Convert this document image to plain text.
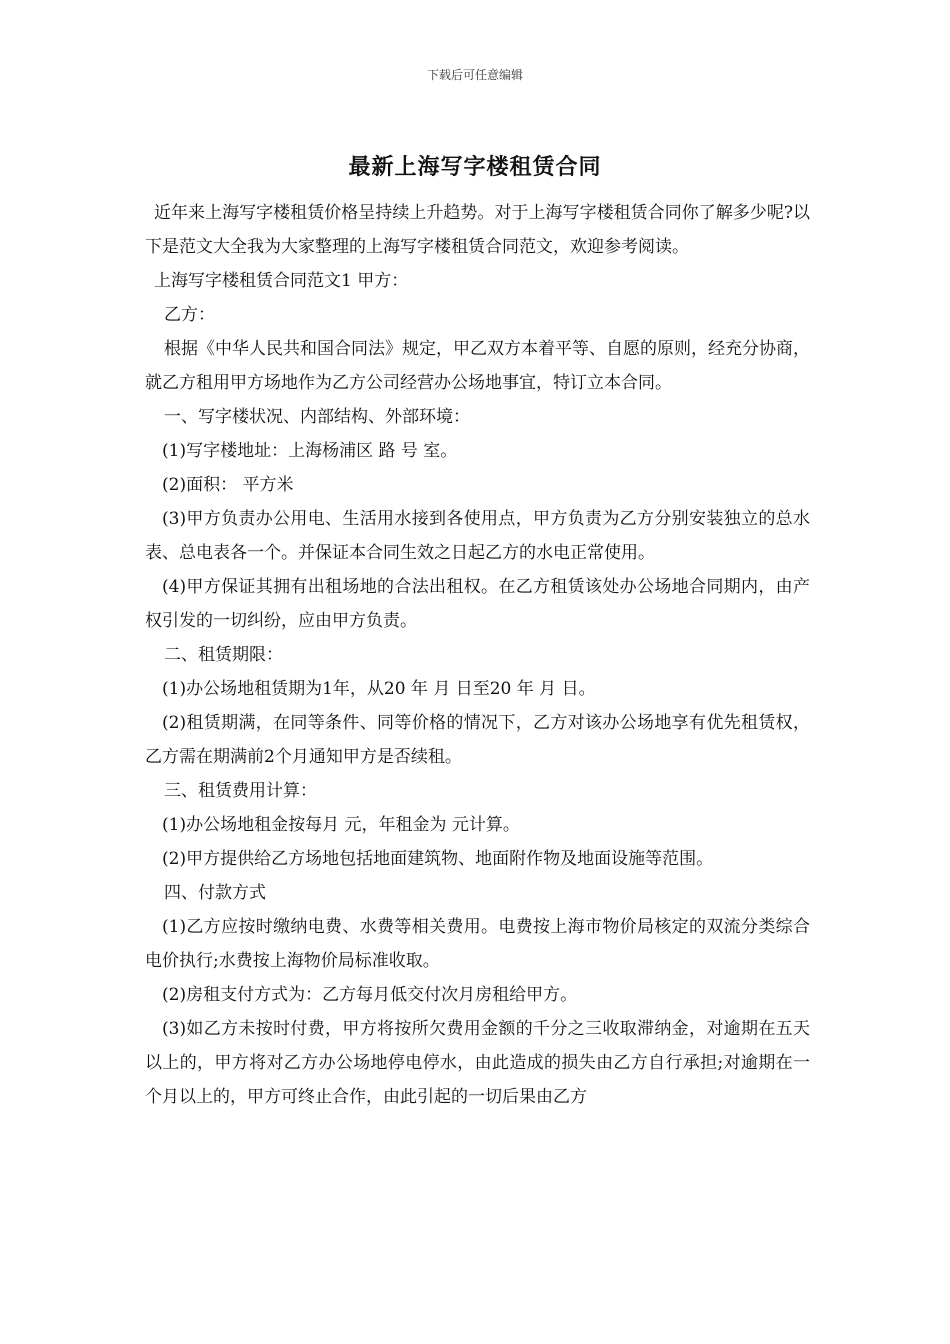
下载后可任意编辑
最新上海写字楼租赁合同

近年来上海写字楼租赁价格呈持续上升趋势。对于上海写字楼租赁合同你了解多少呢?以下是范文大全我为大家整理的上海写字楼租赁合同范文，欢迎参考阅读。

上海写字楼租赁合同范文1 甲方：

乙方：

根据《中华人民共和国合同法》规定，甲乙双方本着平等、自愿的原则，经充分协商，就乙方租用甲方场地作为乙方公司经营办公场地事宜，特订立本合同。

一、写字楼状况、内部结构、外部环境：

(1)写字楼地址：上海杨浦区 路 号 室。

(2)面积： 平方米

(3)甲方负责办公用电、生活用水接到各使用点，甲方负责为乙方分别安装独立的总水表、总电表各一个。并保证本合同生效之日起乙方的水电正常使用。

(4)甲方保证其拥有出租场地的合法出租权。在乙方租赁该处办公场地合同期内，由产权引发的一切纠纷，应由甲方负责。

二、租赁期限：

(1)办公场地租赁期为1年，从20 年 月 日至20 年 月 日。

(2)租赁期满，在同等条件、同等价格的情况下，乙方对该办公场地享有优先租赁权，乙方需在期满前2个月通知甲方是否续租。

三、租赁费用计算：

(1)办公场地租金按每月 元，年租金为 元计算。

(2)甲方提供给乙方场地包括地面建筑物、地面附作物及地面设施等范围。

四、付款方式

(1)乙方应按时缴纳电费、水费等相关费用。电费按上海市物价局核定的双流分类综合电价执行;水费按上海物价局标准收取。

(2)房租支付方式为：乙方每月低交付次月房租给甲方。

(3)如乙方未按时付费，甲方将按所欠费用金额的千分之三收取滞纳金，对逾期在五天以上的，甲方将对乙方办公场地停电停水，由此造成的损失由乙方自行承担;对逾期在一个月以上的，甲方可终止合作，由此引起的一切后果由乙方
